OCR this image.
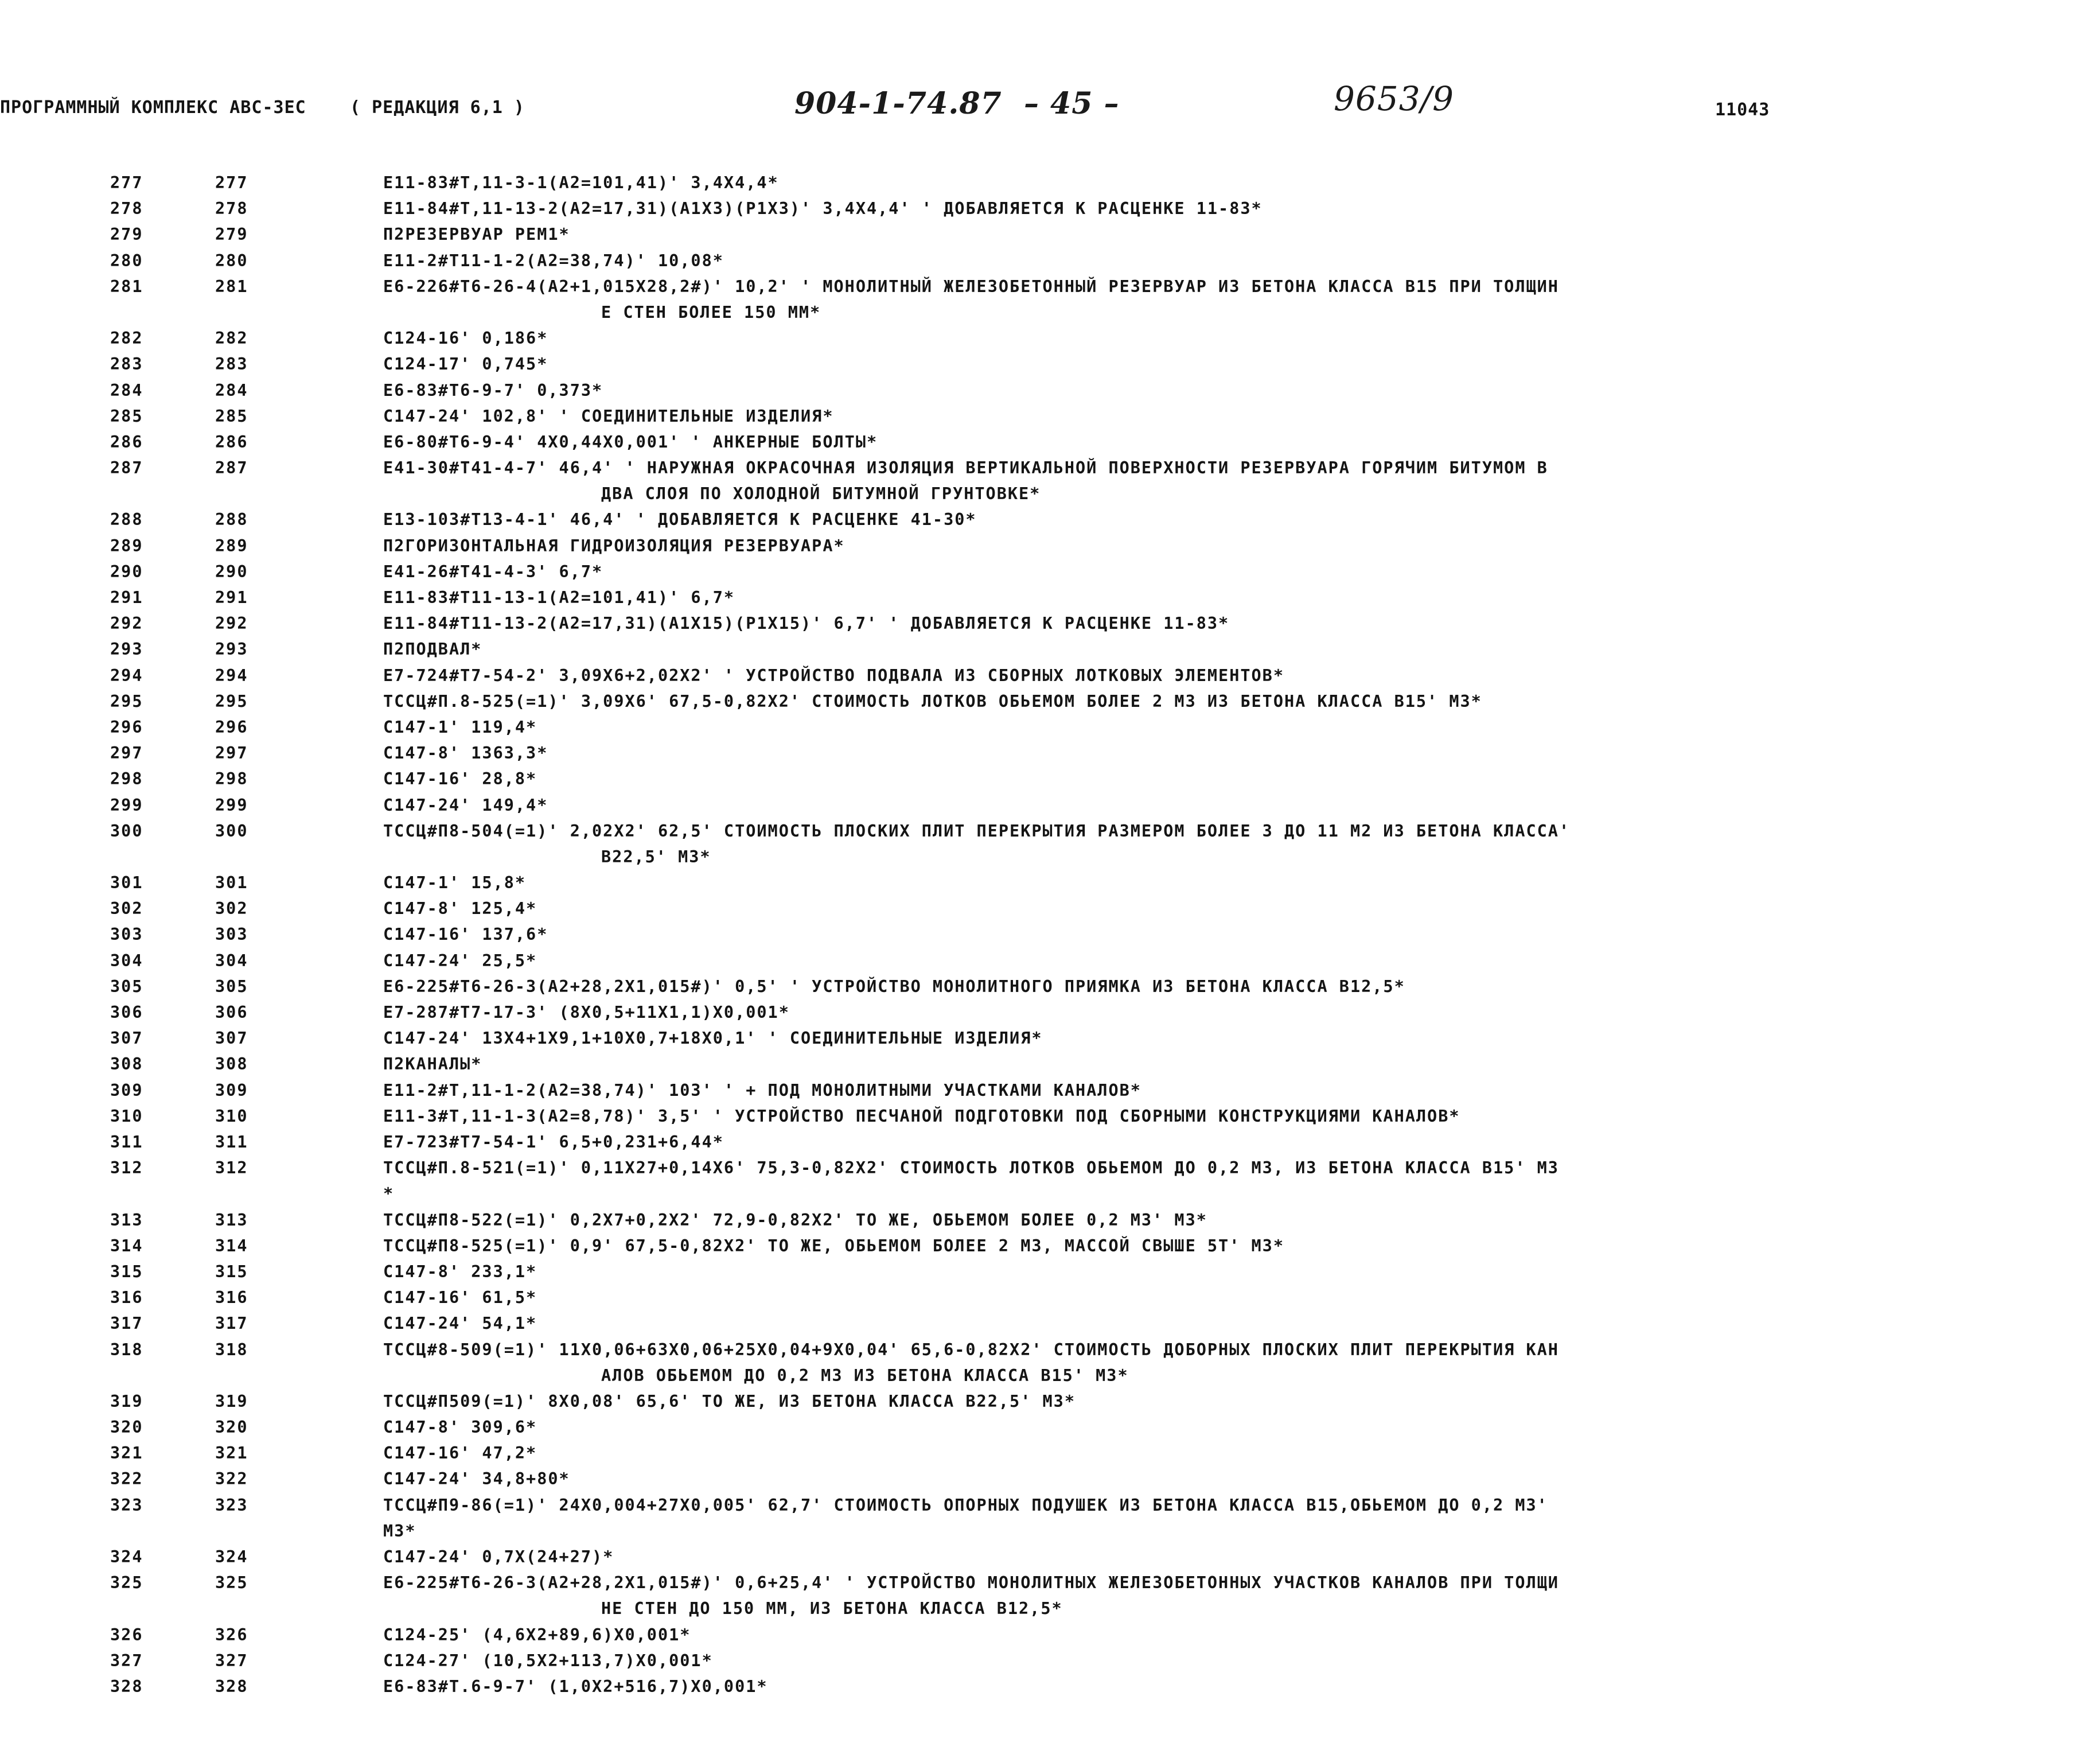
ПРОГРАММНЫЙ КОМПЛЕКС АВС-ЗЕС	( РЕДАКЦИЯ 6,1 )	904-1-74.87 – 45 –	9653/9	11043
277	277	Е11-83#Т,11-3-1(А2=101,41)' 3,4Х4,4*
278	278	Е11-84#Т,11-13-2(А2=17,31)(А1Х3)(Р1Х3)' 3,4Х4,4' ' ДОБАВЛЯЕТСЯ К РАСЦЕНКЕ 11-83*
279	279	П2РЕЗЕРВУАР РЕМ1*
280	280	Е11-2#Т11-1-2(А2=38,74)' 10,08*
281	281	Е6-226#Т6-26-4(А2+1,015Х28,2#)' 10,2' ' МОНОЛИТНЫЙ ЖЕЛЕЗОБЕТОННЫЙ РЕЗЕРВУАР ИЗ БЕТОНА КЛАССА В15 ПРИ ТОЛЩИН
Е СТЕН БОЛЕЕ 150 ММ*
282	282	С124-16' 0,186*
283	283	С124-17' 0,745*
284	284	Е6-83#Т6-9-7' 0,373*
285	285	С147-24' 102,8' ' СОЕДИНИТЕЛЬНЫЕ ИЗДЕЛИЯ*
286	286	Е6-80#Т6-9-4' 4Х0,44Х0,001' ' АНКЕРНЫЕ БОЛТЫ*
287	287	Е41-30#Т41-4-7' 46,4' ' НАРУЖНАЯ ОКРАСОЧНАЯ ИЗОЛЯЦИЯ ВЕРТИКАЛЬНОЙ ПОВЕРХНОСТИ РЕЗЕРВУАРА ГОРЯЧИМ БИТУМОМ В
ДВА СЛОЯ ПО ХОЛОДНОЙ БИТУМНОЙ ГРУНТОВКЕ*
288	288	Е13-103#Т13-4-1' 46,4' ' ДОБАВЛЯЕТСЯ К РАСЦЕНКЕ 41-30*
289	289	П2ГОРИЗОНТАЛЬНАЯ ГИДРОИЗОЛЯЦИЯ РЕЗЕРВУАРА*
290	290	Е41-26#Т41-4-3' 6,7*
291	291	Е11-83#Т11-13-1(А2=101,41)' 6,7*
292	292	Е11-84#Т11-13-2(А2=17,31)(А1Х15)(Р1Х15)' 6,7' ' ДОБАВЛЯЕТСЯ К РАСЦЕНКЕ 11-83*
293	293	П2ПОДВАЛ*
294	294	Е7-724#Т7-54-2' 3,09Х6+2,02Х2' ' УСТРОЙСТВО ПОДВАЛА ИЗ СБОРНЫХ ЛОТКОВЫХ ЭЛЕМЕНТОВ*
295	295	ТССЦ#П.8-525(=1)' 3,09Х6' 67,5-0,82Х2' СТОИМОСТЬ ЛОТКОВ ОБЬЕМОМ БОЛЕЕ 2 М3 ИЗ БЕТОНА КЛАССА В15' М3*
296	296	С147-1' 119,4*
297	297	С147-8' 1363,3*
298	298	С147-16' 28,8*
299	299	С147-24' 149,4*
300	300	ТССЦ#П8-504(=1)' 2,02Х2' 62,5' СТОИМОСТЬ ПЛОСКИХ ПЛИТ ПЕРЕКРЫТИЯ РАЗМЕРОМ БОЛЕЕ 3 ДО 11 М2 ИЗ БЕТОНА КЛАССА'
В22,5' М3*
301	301	С147-1' 15,8*
302	302	С147-8' 125,4*
303	303	С147-16' 137,6*
304	304	С147-24' 25,5*
305	305	Е6-225#Т6-26-3(А2+28,2Х1,015#)' 0,5' ' УСТРОЙСТВО МОНОЛИТНОГО ПРИЯМКА ИЗ БЕТОНА КЛАССА В12,5*
306	306	Е7-287#Т7-17-3' (8Х0,5+11Х1,1)Х0,001*
307	307	С147-24' 13Х4+1Х9,1+10Х0,7+18Х0,1' ' СОЕДИНИТЕЛЬНЫЕ ИЗДЕЛИЯ*
308	308	П2КАНАЛЫ*
309	309	Е11-2#Т,11-1-2(А2=38,74)' 103' ' + ПОД МОНОЛИТНЫМИ УЧАСТКАМИ КАНАЛОВ*
310	310	Е11-3#Т,11-1-3(А2=8,78)' 3,5' ' УСТРОЙСТВО ПЕСЧАНОЙ ПОДГОТОВКИ ПОД СБОРНЫМИ КОНСТРУКЦИЯМИ КАНАЛОВ*
311	311	Е7-723#Т7-54-1' 6,5+0,231+6,44*
312	312	ТССЦ#П.8-521(=1)' 0,11Х27+0,14Х6' 75,3-0,82Х2' СТОИМОСТЬ ЛОТКОВ ОБЬЕМОМ ДО 0,2 М3, ИЗ БЕТОНА КЛАССА В15' М3
*
313	313	ТССЦ#П8-522(=1)' 0,2Х7+0,2Х2' 72,9-0,82Х2' ТО ЖЕ, ОБЬЕМОМ БОЛЕЕ 0,2 М3' М3*
314	314	ТССЦ#П8-525(=1)' 0,9' 67,5-0,82Х2' ТО ЖЕ, ОБЬЕМОМ БОЛЕЕ 2 М3, МАССОЙ СВЫШЕ 5Т' М3*
315	315	С147-8' 233,1*
316	316	С147-16' 61,5*
317	317	С147-24' 54,1*
318	318	ТССЦ#8-509(=1)' 11Х0,06+63Х0,06+25Х0,04+9Х0,04' 65,6-0,82Х2' СТОИМОСТЬ ДОБОРНЫХ ПЛОСКИХ ПЛИТ ПЕРЕКРЫТИЯ КАН
АЛОВ ОБЬЕМОМ ДО 0,2 М3 ИЗ БЕТОНА КЛАССА В15' М3*
319	319	ТССЦ#П509(=1)' 8Х0,08' 65,6' ТО ЖЕ, ИЗ БЕТОНА КЛАССА В22,5' М3*
320	320	С147-8' 309,6*
321	321	С147-16' 47,2*
322	322	С147-24' 34,8+80*
323	323	ТССЦ#П9-86(=1)' 24Х0,004+27Х0,005' 62,7' СТОИМОСТЬ ОПОРНЫХ ПОДУШЕК ИЗ БЕТОНА КЛАССА В15,ОБЬЕМОМ ДО 0,2 М3'
М3*
324	324	С147-24' 0,7Х(24+27)*
325	325	Е6-225#Т6-26-3(А2+28,2Х1,015#)' 0,6+25,4' ' УСТРОЙСТВО МОНОЛИТНЫХ ЖЕЛЕЗОБЕТОННЫХ УЧАСТКОВ КАНАЛОВ ПРИ ТОЛЩИ
НЕ СТЕН ДО 150 ММ, ИЗ БЕТОНА КЛАССА В12,5*
326	326	С124-25' (4,6Х2+89,6)Х0,001*
327	327	С124-27' (10,5Х2+113,7)Х0,001*
328	328	Е6-83#Т.6-9-7' (1,0Х2+516,7)Х0,001*
